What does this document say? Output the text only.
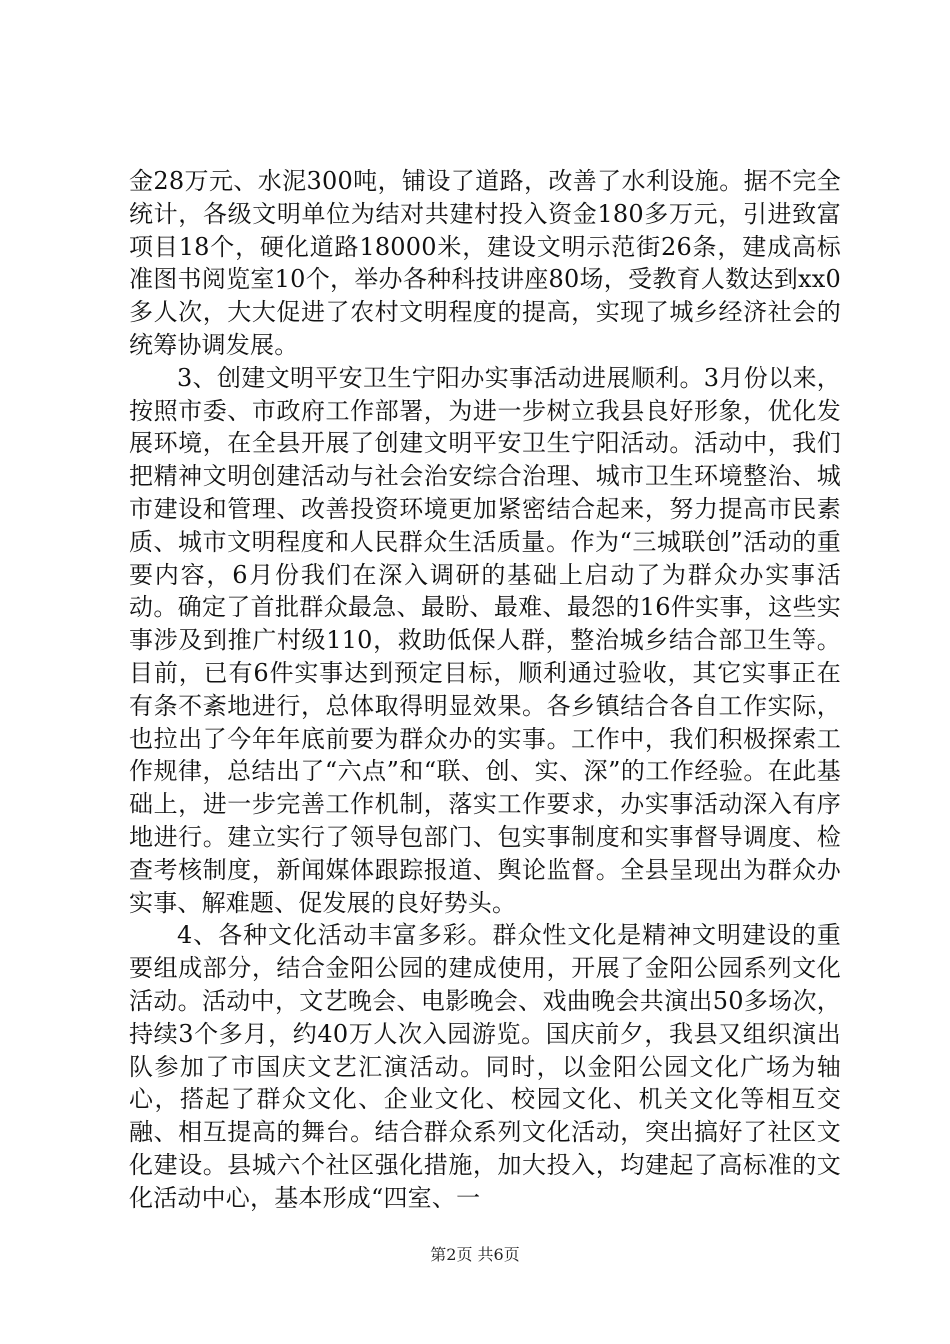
金28万元、水泥300吨，铺设了道路，改善了水利设施。据不完全统计，各级文明单位为结对共建村投入资金180多万元，引进致富项目18个，硬化道路18000米，建设文明示范街26条，建成高标准图书阅览室10个，举办各种科技讲座80场，受教育人数达到xx0多人次，大大促进了农村文明程度的提高，实现了城乡经济社会的统筹协调发展。

3、创建文明平安卫生宁阳办实事活动进展顺利。3月份以来，按照市委、市政府工作部署，为进一步树立我县良好形象，优化发展环境，在全县开展了创建文明平安卫生宁阳活动。活动中，我们把精神文明创建活动与社会治安综合治理、城市卫生环境整治、城市建设和管理、改善投资环境更加紧密结合起来，努力提高市民素质、城市文明程度和人民群众生活质量。作为“三城联创”活动的重要内容，6月份我们在深入调研的基础上启动了为群众办实事活动。确定了首批群众最急、最盼、最难、最怨的16件实事，这些实事涉及到推广村级110，救助低保人群，整治城乡结合部卫生等。目前，已有6件实事达到预定目标，顺利通过验收，其它实事正在有条不紊地进行，总体取得明显效果。各乡镇结合各自工作实际，也拉出了今年年底前要为群众办的实事。工作中，我们积极探索工作规律，总结出了“六点”和“联、创、实、深”的工作经验。在此基础上，进一步完善工作机制，落实工作要求，办实事活动深入有序地进行。建立实行了领导包部门、包实事制度和实事督导调度、检查考核制度，新闻媒体跟踪报道、舆论监督。全县呈现出为群众办实事、解难题、促发展的良好势头。

4、各种文化活动丰富多彩。群众性文化是精神文明建设的重要组成部分，结合金阳公园的建成使用，开展了金阳公园系列文化活动。活动中，文艺晚会、电影晚会、戏曲晚会共演出50多场次，持续3个多月，约40万人次入园游览。国庆前夕，我县又组织演出队参加了市国庆文艺汇演活动。同时，以金阳公园文化广场为轴心，搭起了群众文化、企业文化、校园文化、机关文化等相互交融、相互提高的舞台。结合群众系列文化活动，突出搞好了社区文化建设。县城六个社区强化措施，加大投入，均建起了高标准的文化活动中心，基本形成“四室、一

第2页 共6页
